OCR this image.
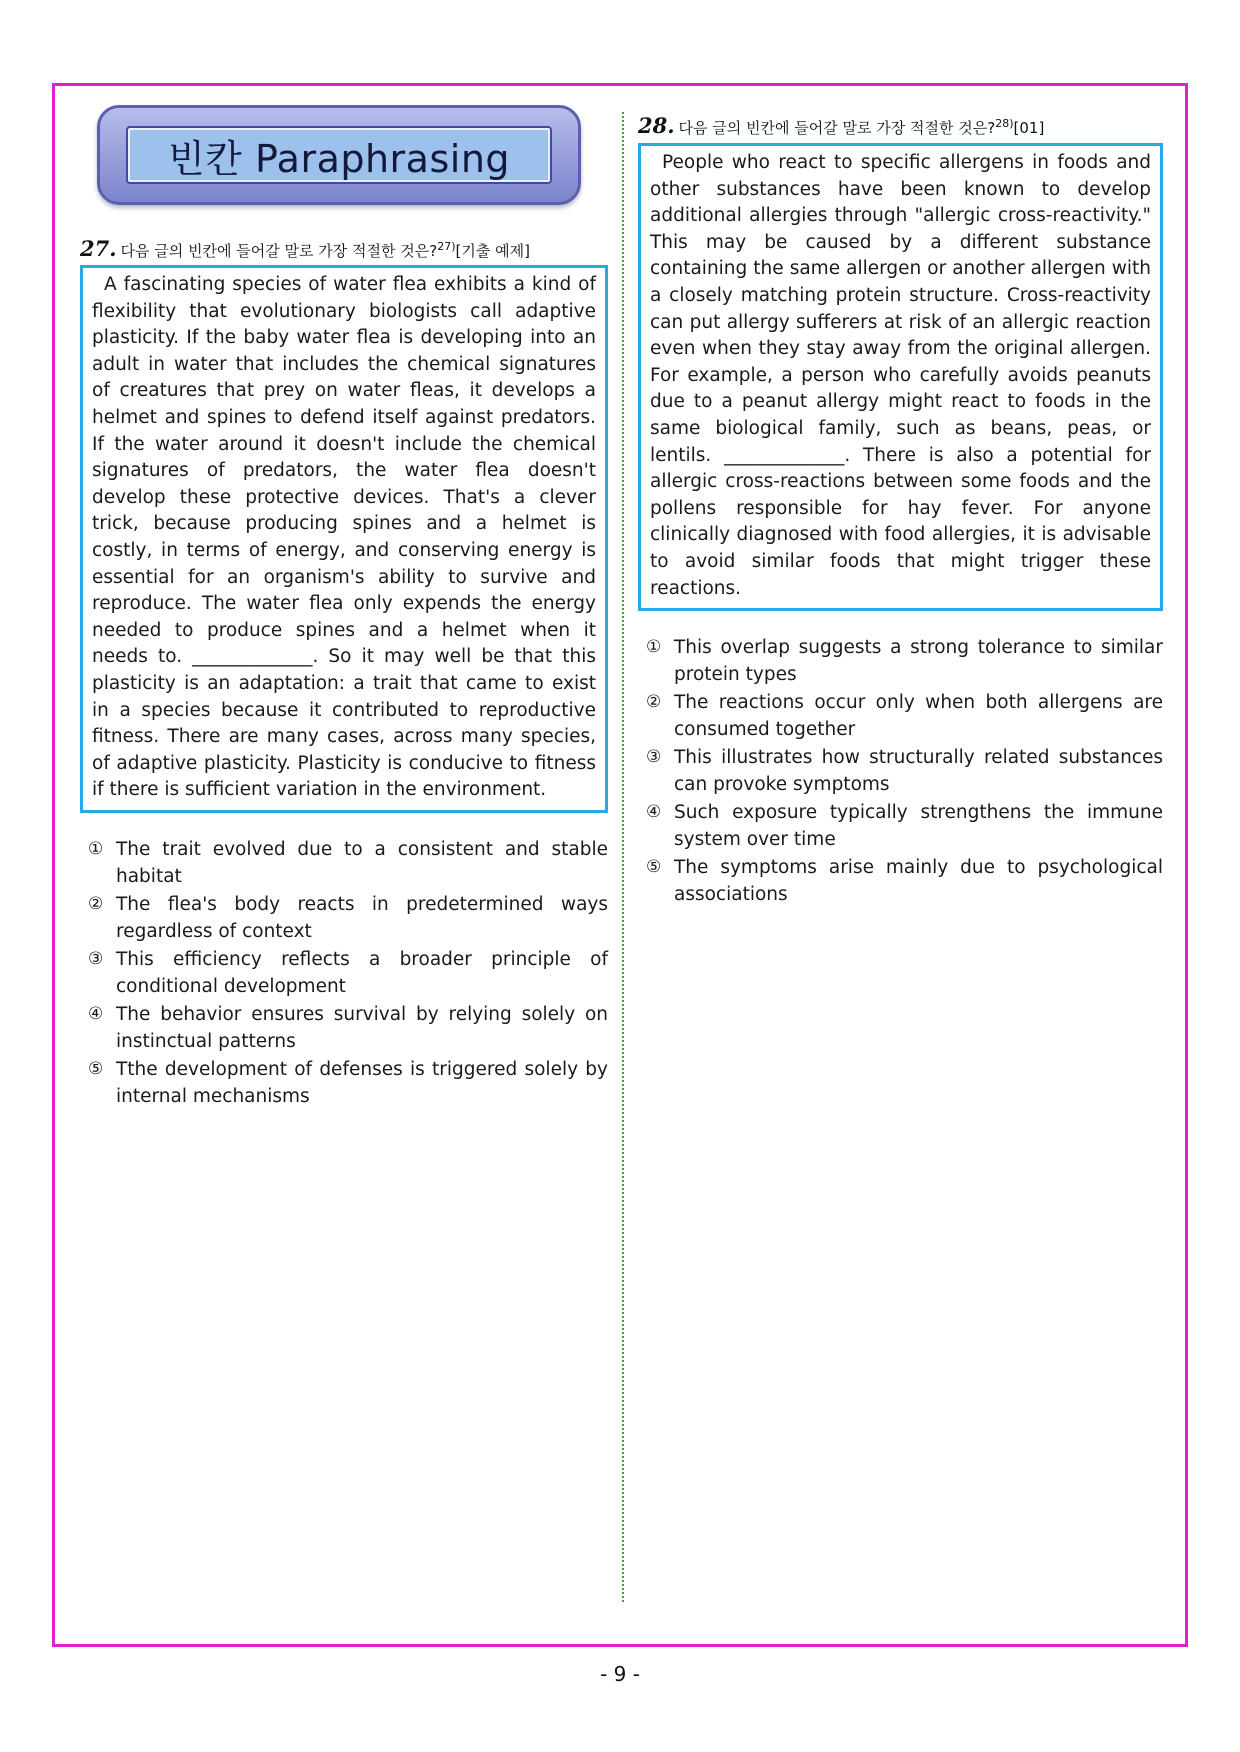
빈칸 Paraphrasing
27. 다음 글의 빈칸에 들어갈 말로 가장 적절한 것은?$^{27)}$[기출 예제]
A fascinating species of water flea exhibits a kind of flexibility that evolutionary biologists call adaptive plasticity. If the baby water flea is developing into an adult in water that includes the chemical signatures of creatures that prey on water fleas, it develops a helmet and spines to defend itself against predators. If the water around it doesn't include the chemical signatures of predators, the water flea doesn't develop these protective devices. That's a clever trick, because producing spines and a helmet is costly, in terms of energy, and conserving energy is essential for an organism's ability to survive and reproduce. The water flea only expends the energy needed to produce spines and a helmet when it needs to. _____________. So it may well be that this plasticity is an adaptation: a trait that came to exist in a species because it contributed to reproductive fitness. There are many cases, across many species, of adaptive plasticity. Plasticity is conducive to fitness if there is sufficient variation in the environment.
① The trait evolved due to a consistent and stable habitat
② The flea's body reacts in predetermined ways regardless of context
③ This efficiency reflects a broader principle of conditional development
④ The behavior ensures survival by relying solely on instinctual patterns
⑤ Tthe development of defenses is triggered solely by internal mechanisms
28. 다음 글의 빈칸에 들어갈 말로 가장 적절한 것은?$^{28)}$[01]
People who react to specific allergens in foods and other substances have been known to develop additional allergies through "allergic cross-reactivity." This may be caused by a different substance containing the same allergen or another allergen with a closely matching protein structure. Cross-reactivity can put allergy sufferers at risk of an allergic reaction even when they stay away from the original allergen. For example, a person who carefully avoids peanuts due to a peanut allergy might react to foods in the same biological family, such as beans, peas, or lentils. _____________. There is also a potential for allergic cross-reactions between some foods and the pollens responsible for hay fever. For anyone clinically diagnosed with food allergies, it is advisable to avoid similar foods that might trigger these reactions.
① This overlap suggests a strong tolerance to similar protein types
② The reactions occur only when both allergens are consumed together
③ This illustrates how structurally related substances can provoke symptoms
④ Such exposure typically strengthens the immune system over time
⑤ The symptoms arise mainly due to psychological associations
- 9 -
